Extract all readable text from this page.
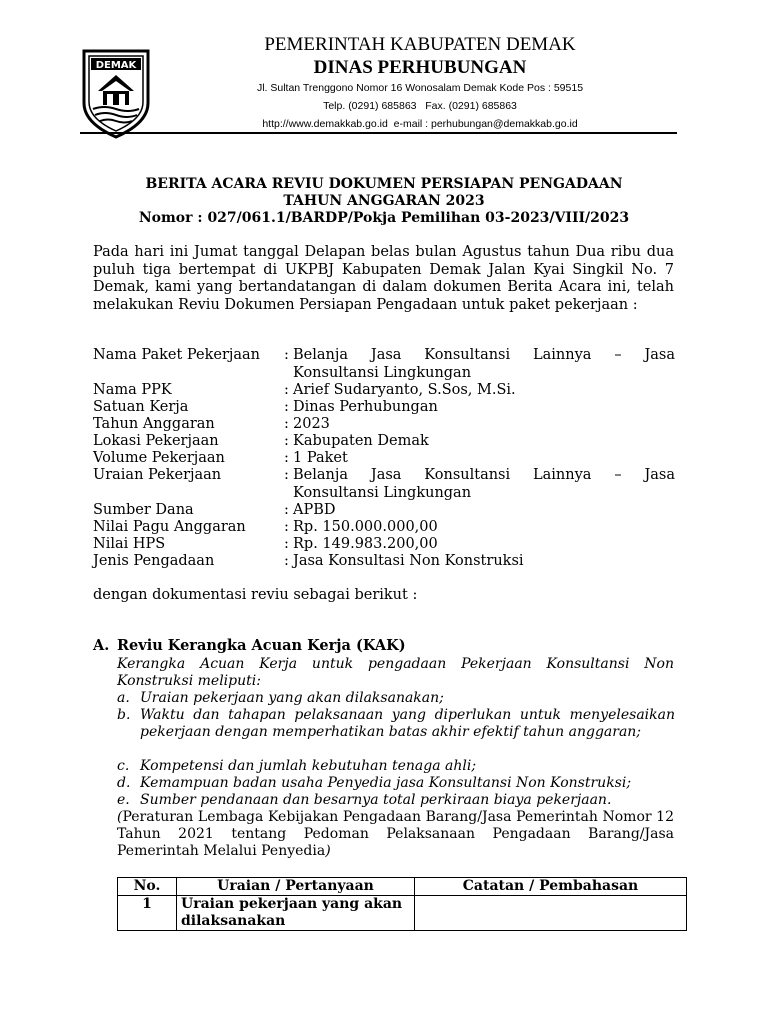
DEMAK
PEMERINTAH KABUPATEN DEMAK
DINAS PERHUBUNGAN
Jl. Sultan Trenggono Nomor 16 Wonosalam Demak Kode Pos : 59515
Telp. (0291) 685863   Fax. (0291) 685863
http://www.demakkab.go.id  e-mail : perhubungan@demakkab.go.id
BERITA ACARA REVIU DOKUMEN PERSIAPAN PENGADAAN
TAHUN ANGGARAN 2023
Nomor : 027/061.1/BARDP/Pokja Pemilihan 03-2023/VIII/2023
Pada hari ini Jumat tanggal Delapan belas bulan Agustus tahun Dua ribu dua puluh tiga bertempat di UKPBJ Kabupaten Demak Jalan Kyai Singkil No. 7 Demak, kami yang bertandatangan di dalam dokumen Berita Acara ini, telah melakukan Reviu Dokumen Persiapan Pengadaan untuk paket pekerjaan :
Nama Paket Pekerjaan : Belanja Jasa Konsultansi Lainnya – Jasa
Konsultansi Lingkungan
Nama PPK	: Arief Sudaryanto, S.Sos, M.Si.
Satuan Kerja	: Dinas Perhubungan
Tahun Anggaran	: 2023
Lokasi Pekerjaan	: Kabupaten Demak
Volume Pekerjaan	: 1 Paket
Uraian Pekerjaan	: Belanja Jasa Konsultansi Lainnya – Jasa
Konsultansi Lingkungan
Sumber Dana	: APBD
Nilai Pagu Anggaran	: Rp. 150.000.000,00
Nilai HPS	: Rp. 149.983.200,00
Jenis Pengadaan	: Jasa Konsultasi Non Konstruksi
dengan dokumentasi reviu sebagai berikut :
A. Reviu Kerangka Acuan Kerja (KAK)
Kerangka Acuan Kerja untuk pengadaan Pekerjaan Konsultansi Non Konstruksi meliputi:
a. Uraian pekerjaan yang akan dilaksanakan;
b. Waktu dan tahapan pelaksanaan yang diperlukan untuk menyelesaikan pekerjaan dengan memperhatikan batas akhir efektif tahun anggaran;
c. Kompetensi dan jumlah kebutuhan tenaga ahli;
d. Kemampuan badan usaha Penyedia jasa Konsultansi Non Konstruksi;
e. Sumber pendanaan dan besarnya total perkiraan biaya pekerjaan.
(Peraturan Lembaga Kebijakan Pengadaan Barang/Jasa Pemerintah Nomor 12 Tahun 2021 tentang Pedoman Pelaksanaan Pengadaan Barang/Jasa Pemerintah Melalui Penyedia)
No.	Uraian / Pertanyaan	Catatan / Pembahasan
1	Uraian pekerjaan yang akan dilaksanakan	
